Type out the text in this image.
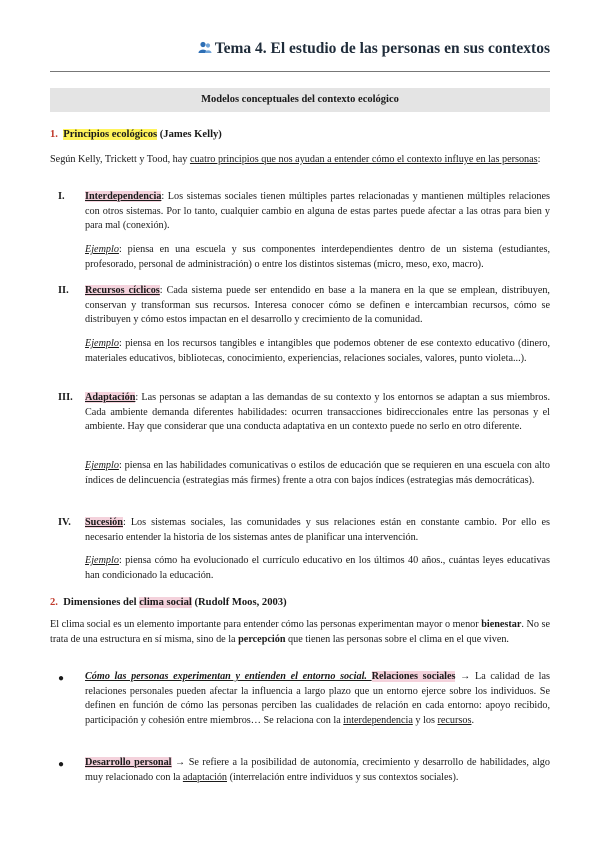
Tema 4. El estudio de las personas en sus contextos
Modelos conceptuales del contexto ecológico
1. Principios ecológicos (James Kelly)
Según Kelly, Trickett y Tood, hay cuatro principios que nos ayudan a entender cómo el contexto influye en las personas:
I. Interdependencia: Los sistemas sociales tienen múltiples partes relacionadas y mantienen múltiples relaciones con otros sistemas. Por lo tanto, cualquier cambio en alguna de estas partes puede afectar a las otras para bien y para mal (conexión).
Ejemplo: piensa en una escuela y sus componentes interdependientes dentro de un sistema (estudiantes, profesorado, personal de administración) o entre los distintos sistemas (micro, meso, exo, macro).
II. Recursos cíclicos: Cada sistema puede ser entendido en base a la manera en la que se emplean, distribuyen, conservan y transforman sus recursos. Interesa conocer cómo se definen e intercambian recursos, cómo se distribuyen y cómo estos impactan en el desarrollo y crecimiento de la comunidad.
Ejemplo: piensa en los recursos tangibles e intangibles que podemos obtener de ese contexto educativo (dinero, materiales educativos, bibliotecas, conocimiento, experiencias, relaciones sociales, valores, punto violeta...).
III. Adaptación: Las personas se adaptan a las demandas de su contexto y los entornos se adaptan a sus miembros. Cada ambiente demanda diferentes habilidades: ocurren transacciones bidireccionales entre las personas y el ambiente. Hay que considerar que una conducta adaptativa en un contexto puede no serlo en otro diferente.
Ejemplo: piensa en las habilidades comunicativas o estilos de educación que se requieren en una escuela con alto índices de delincuencia (estrategias más firmes) frente a otra con bajos índices (estrategias más democráticas).
IV. Sucesión: Los sistemas sociales, las comunidades y sus relaciones están en constante cambio. Por ello es necesario entender la historia de los sistemas antes de planificar una intervención.
Ejemplo: piensa cómo ha evolucionado el currículo educativo en los últimos 40 años., cuántas leyes educativas han condicionado la educación.
2. Dimensiones del clima social (Rudolf Moos, 2003)
El clima social es un elemento importante para entender cómo las personas experimentan mayor o menor bienestar. No se trata de una estructura en sí misma, sino de la percepción que tienen las personas sobre el clima en el que viven.
● Cómo las personas experimentan y entienden el entorno social. Relaciones sociales → La calidad de las relaciones personales pueden afectar la influencia a largo plazo que un entorno ejerce sobre los individuos. Se definen en función de cómo las personas perciben las cualidades de relación en cada entorno: apoyo recibido, participación y cohesión entre miembros… Se relaciona con la interdependencia y los recursos.
● Desarrollo personal → Se refiere a la posibilidad de autonomía, crecimiento y desarrollo de habilidades, algo muy relacionado con la adaptación (interrelación entre individuos y sus contextos sociales).
